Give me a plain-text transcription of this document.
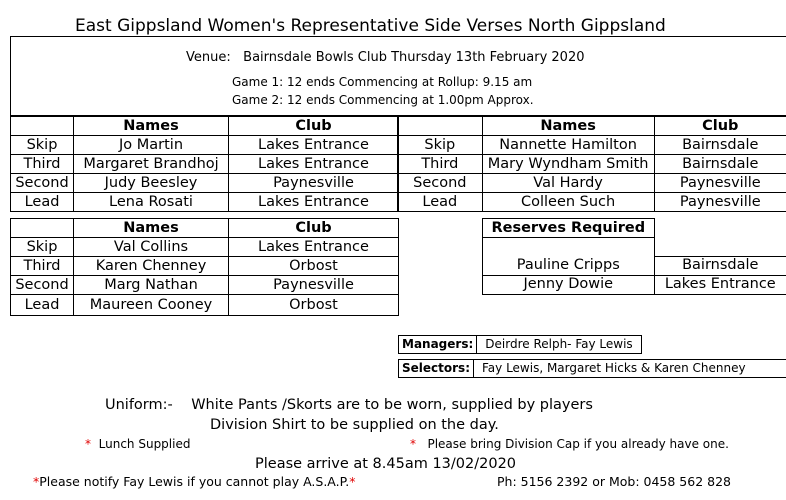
East Gippsland Women's Representative Side Verses North Gippsland
Venue: Bairnsdale Bowls Club Thursday 13th February 2020
Game 1: 12 ends Commencing at Rollup: 9.15 am
Game 2: 12 ends Commencing at 1.00pm Approx.
	Names	Club
Skip	Jo Martin	Lakes Entrance
Third	Margaret Brandhoj	Lakes Entrance
Second	Judy Beesley	Paynesville
Lead	Lena Rosati	Lakes Entrance
	Names	Club
Skip	Nannette Hamilton	Bairnsdale
Third	Mary Wyndham Smith	Bairnsdale
Second	Val Hardy	Paynesville
Lead	Colleen Such	Paynesville
	Names	Club
Skip	Val Collins	Lakes Entrance
Third	Karen Chenney	Orbost
Second	Marg Nathan	Paynesville
Lead	Maureen Cooney	Orbost
Reserves Required	

Pauline Cripps	Bairnsdale
Jenny Dowie	Lakes Entrance
Managers: Deirdre Relph- Fay Lewis
Selectors: Fay Lewis, Margaret Hicks & Karen Chenney
Uniform:- White Pants /Skorts are to be worn, supplied by players
Division Shirt to be supplied on the day.
* Lunch Supplied	* Please bring Division Cap if you already have one.
Please arrive at 8.45am 13/02/2020
*Please notify Fay Lewis if you cannot play A.S.A.P.*	Ph: 5156 2392 or Mob: 0458 562 828
